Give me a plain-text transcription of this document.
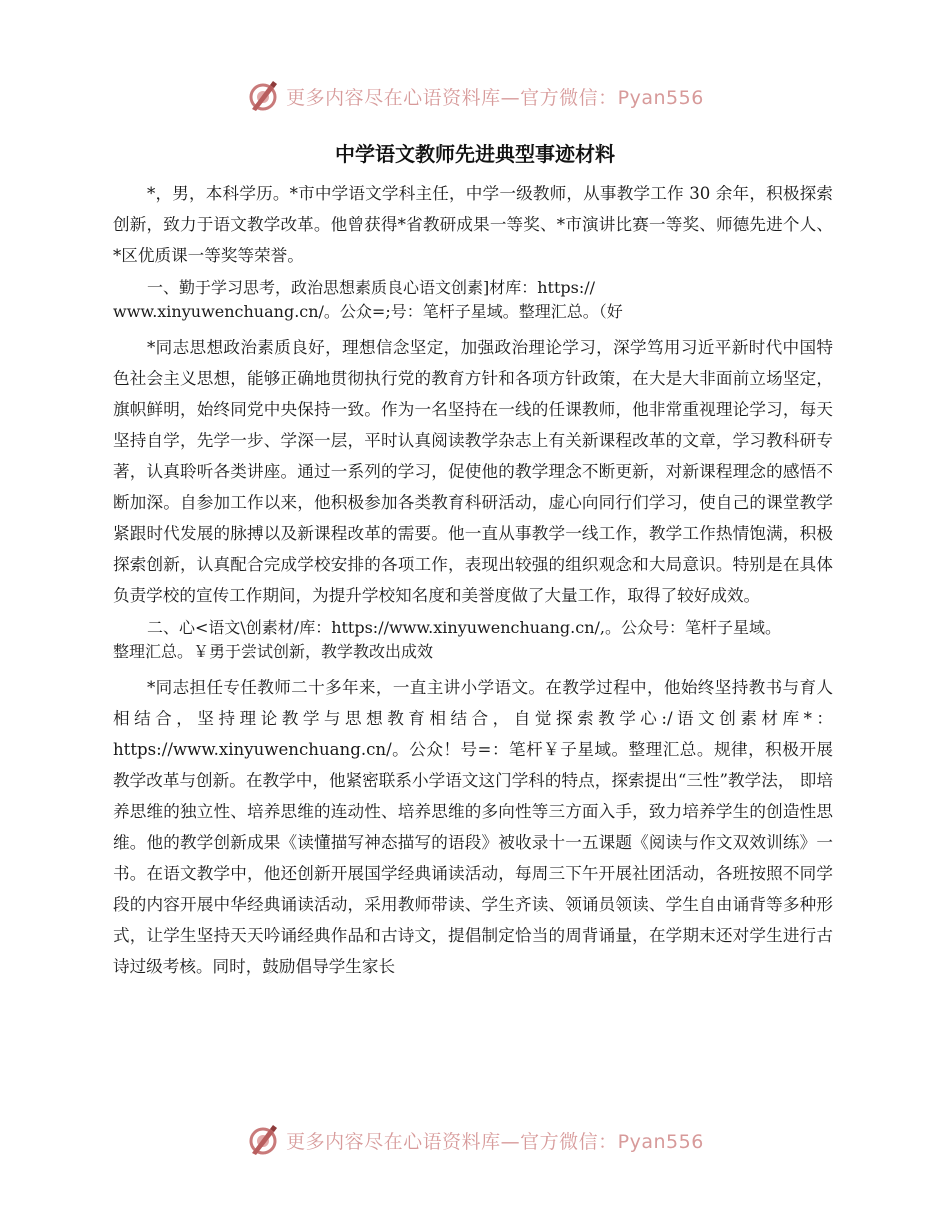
更多内容尽在心语资料库—官方微信：Pyan556
中学语文教师先进典型事迹材料

*，男，本科学历。*市中学语文学科主任，中学一级教师，从事教学工作 30 余年，积极探索创新，致力于语文教学改革。他曾获得*省教研成果一等奖、*市演讲比赛一等奖、师德先进个人、*区优质课一等奖等荣誉。

一、勤于学习思考，政治思想素质良心语文创素]材库：https://
www.xinyuwenchuang.cn/。公众=;号：笔杆子星域。整理汇总。（好

*同志思想政治素质良好，理想信念坚定，加强政治理论学习，深学笃用习近平新时代中国特色社会主义思想，能够正确地贯彻执行党的教育方针和各项方针政策，在大是大非面前立场坚定，旗帜鲜明，始终同党中央保持一致。作为一名坚持在一线的任课教师，他非常重视理论学习，每天坚持自学，先学一步、学深一层，平时认真阅读教学杂志上有关新课程改革的文章，学习教科研专著，认真聆听各类讲座。通过一系列的学习，促使他的教学理念不断更新，对新课程理念的感悟不断加深。自参加工作以来，他积极参加各类教育科研活动，虚心向同行们学习，使自己的课堂教学紧跟时代发展的脉搏以及新课程改革的需要。他一直从事教学一线工作，教学工作热情饱满，积极探索创新，认真配合完成学校安排的各项工作，表现出较强的组织观念和大局意识。特别是在具体负责学校的宣传工作期间，为提升学校知名度和美誉度做了大量工作，取得了较好成效。

二、心<语文\创素材/库：https://www.xinyuwenchuang.cn/,。公众号：笔杆子星域。
整理汇总。￥勇于尝试创新，教学教改出成效

*同志担任专任教师二十多年来，一直主讲小学语文。在教学过程中，他始终坚持教书与育人相结合，坚持理论教学与思想教育相结合，自觉探索教学心:/语文创素材库*：https://www.xinyuwenchuang.cn/。公众！号=：笔杆￥子星域。整理汇总。规律，积极开展教学改革与创新。在教学中，他紧密联系小学语文这门学科的特点，探索提出“三性”教学法， 即培养思维的独立性、培养思维的连动性、培养思维的多向性等三方面入手，致力培养学生的创造性思维。他的教学创新成果《读懂描写神态描写的语段》被收录十一五课题《阅读与作文双效训练》一书。在语文教学中，他还创新开展国学经典诵读活动，每周三下午开展社团活动，各班按照不同学段的内容开展中华经典诵读活动，采用教师带读、学生齐读、领诵员领读、学生自由诵背等多种形式，让学生坚持天天吟诵经典作品和古诗文，提倡制定恰当的周背诵量，在学期末还对学生进行古诗过级考核。同时，鼓励倡导学生家长

更多内容尽在心语资料库—官方微信：Pyan556
